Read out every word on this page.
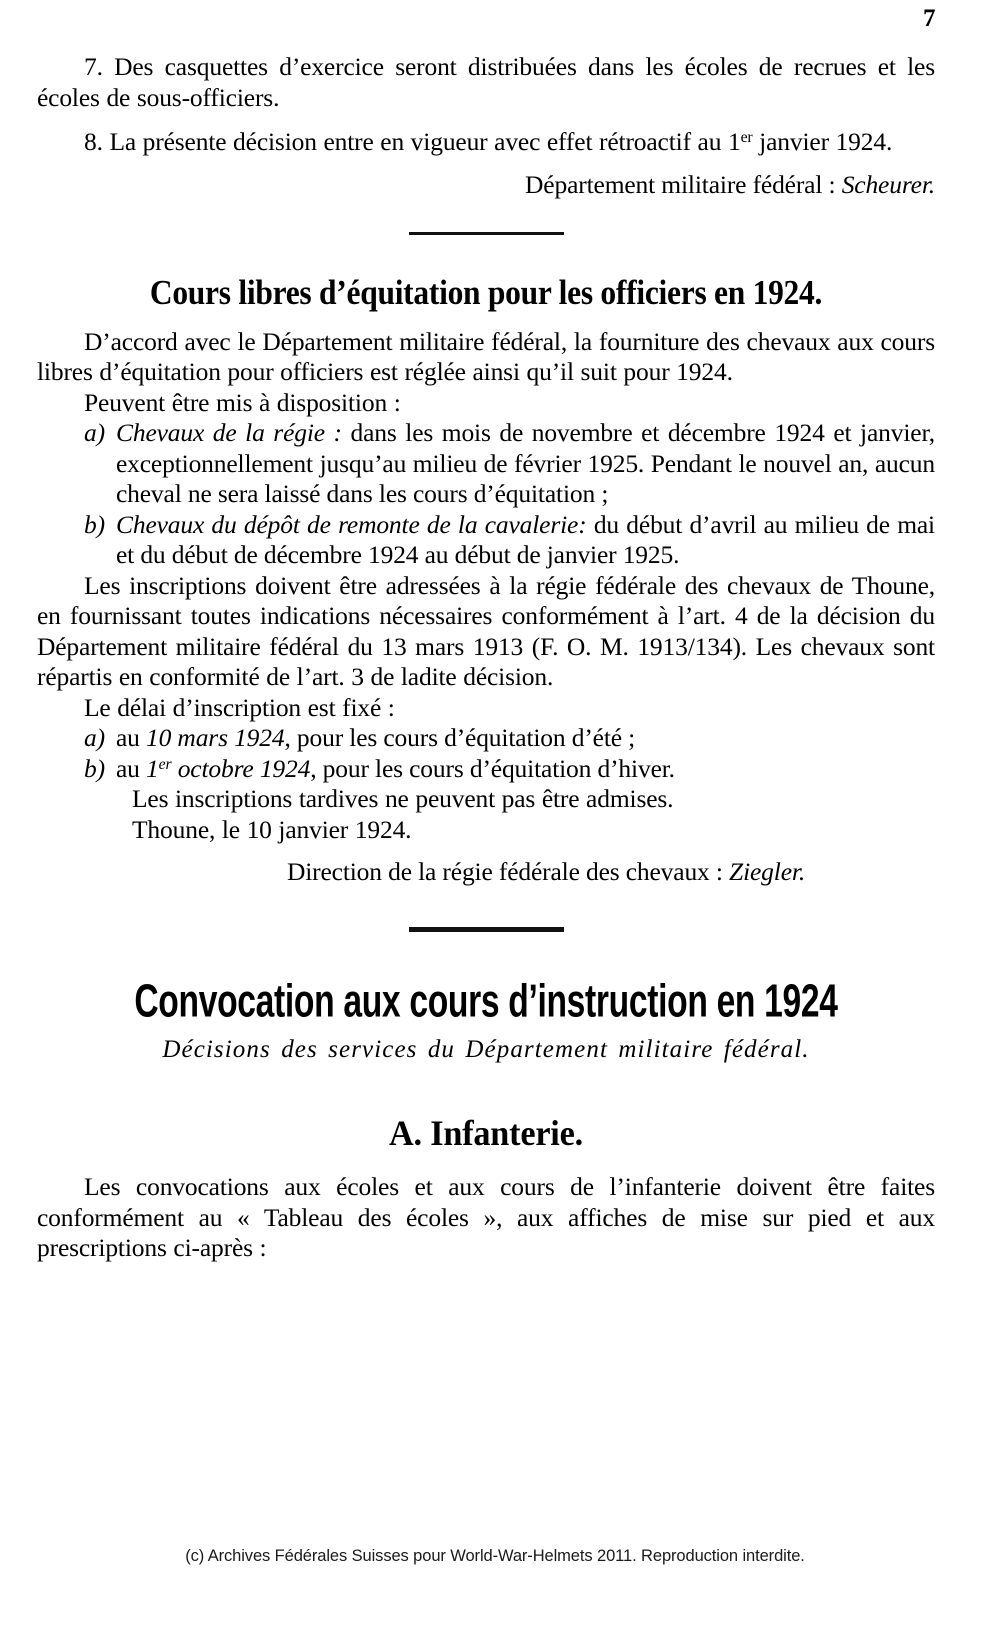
7

7. Des casquettes d’exercice seront distribuées dans les écoles de recrues et les écoles de sous-officiers.

8. La présente décision entre en vigueur avec effet rétroactif au 1er janvier 1924.

Département militaire fédéral : Scheurer.
Cours libres d’équitation pour les officiers en 1924.

D’accord avec le Département militaire fédéral, la fourniture des chevaux aux cours libres d’équitation pour officiers est réglée ainsi qu’il suit pour 1924.

Peuvent être mis à disposition :

a) Chevaux de la régie : dans les mois de novembre et décembre 1924 et janvier, exceptionnellement jusqu’au milieu de février 1925. Pendant le nouvel an, aucun cheval ne sera laissé dans les cours d’équitation ;
b) Chevaux du dépôt de remonte de la cavalerie: du début d’avril au milieu de mai et du début de décembre 1924 au début de janvier 1925.

Les inscriptions doivent être adressées à la régie fédérale des chevaux de Thoune, en fournissant toutes indications nécessaires conformément à l’art. 4 de la décision du Département militaire fédéral du 13 mars 1913 (F. O. M. 1913/134). Les chevaux sont répartis en conformité de l’art. 3 de ladite décision.

Le délai d’inscription est fixé :

a) au 10 mars 1924, pour les cours d’équitation d’été ;
b) au 1er octobre 1924, pour les cours d’équitation d’hiver.

Les inscriptions tardives ne peuvent pas être admises.

Thoune, le 10 janvier 1924.

Direction de la régie fédérale des chevaux : Ziegler.
Convocation aux cours d’instruction en 1924
Décisions des services du Département militaire fédéral.
A. Infanterie.

Les convocations aux écoles et aux cours de l’infanterie doivent être faites conformément au « Tableau des écoles », aux affiches de mise sur pied et aux prescriptions ci-après :

(c) Archives Fédérales Suisses pour World-War-Helmets 2011. Reproduction interdite.
